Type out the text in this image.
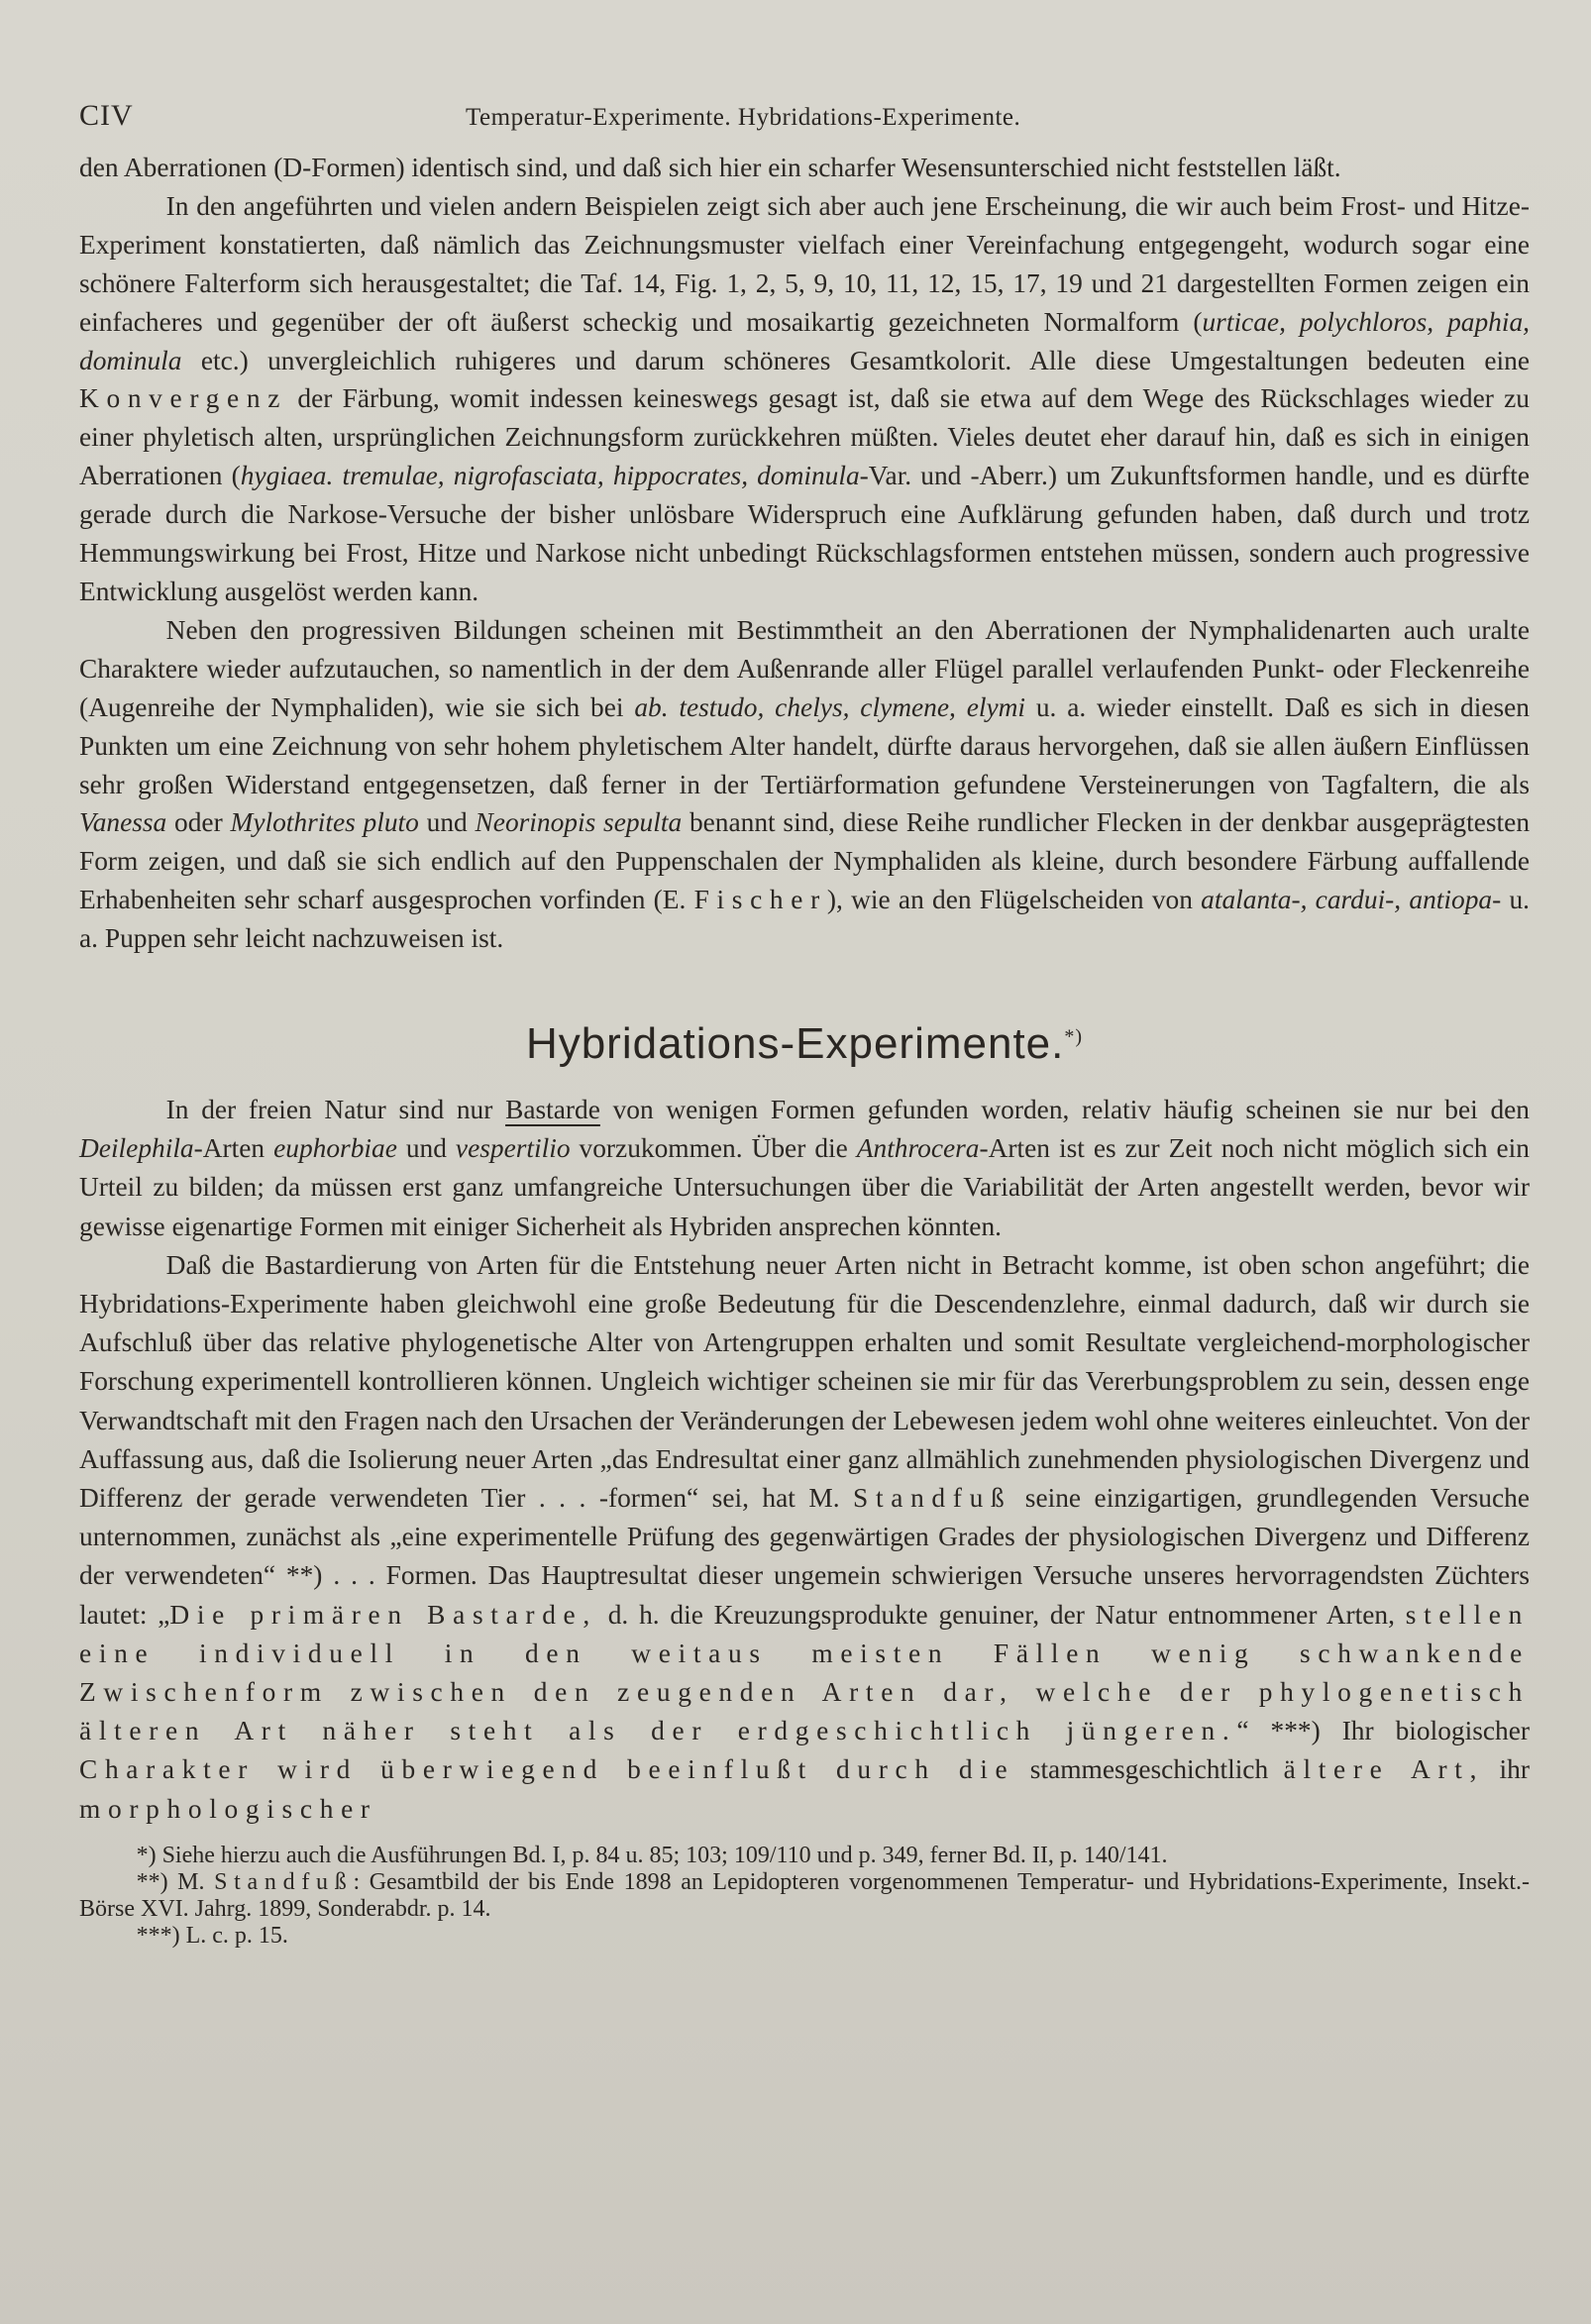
CIV	Temperatur-Experimente. Hybridations-Experimente.

den Aberrationen (D-Formen) identisch sind, und daß sich hier ein scharfer Wesensunterschied nicht feststellen läßt.

In den angeführten und vielen andern Beispielen zeigt sich aber auch jene Erscheinung, die wir auch beim Frost- und Hitze-Experiment konstatierten, daß nämlich das Zeichnungsmuster vielfach einer Vereinfachung entgegengeht, wodurch sogar eine schönere Falterform sich herausgestaltet; die Taf. 14, Fig. 1, 2, 5, 9, 10, 11, 12, 15, 17, 19 und 21 dargestellten Formen zeigen ein einfacheres und gegenüber der oft äußerst scheckig und mosaikartig gezeichneten Normalform (urticae, polychloros, paphia, dominula etc.) unvergleichlich ruhigeres und darum schöneres Gesamtkolorit. Alle diese Umgestaltungen bedeuten eine Konvergenz der Färbung, womit indessen keineswegs gesagt ist, daß sie etwa auf dem Wege des Rückschlages wieder zu einer phyletisch alten, ursprünglichen Zeichnungsform zurückkehren müßten. Vieles deutet eher darauf hin, daß es sich in einigen Aberrationen (hygiaea. tremulae, nigrofasciata, hippocrates, dominula-Var. und -Aberr.) um Zukunftsformen handle, und es dürfte gerade durch die Narkose-Versuche der bisher unlösbare Widerspruch eine Aufklärung gefunden haben, daß durch und trotz Hemmungswirkung bei Frost, Hitze und Narkose nicht unbedingt Rückschlagsformen entstehen müssen, sondern auch progressive Entwicklung ausgelöst werden kann.

Neben den progressiven Bildungen scheinen mit Bestimmtheit an den Aberrationen der Nymphalidenarten auch uralte Charaktere wieder aufzutauchen, so namentlich in der dem Außenrande aller Flügel parallel verlaufenden Punkt- oder Fleckenreihe (Augenreihe der Nymphaliden), wie sie sich bei ab. testudo, chelys, clymene, elymi u. a. wieder einstellt. Daß es sich in diesen Punkten um eine Zeichnung von sehr hohem phyletischem Alter handelt, dürfte daraus hervorgehen, daß sie allen äußern Einflüssen sehr großen Widerstand entgegensetzen, daß ferner in der Tertiärformation gefundene Versteinerungen von Tagfaltern, die als Vanessa oder Mylothrites pluto und Neorinopis sepulta benannt sind, diese Reihe rundlicher Flecken in der denkbar ausgeprägtesten Form zeigen, und daß sie sich endlich auf den Puppenschalen der Nymphaliden als kleine, durch besondere Färbung auffallende Erhabenheiten sehr scharf ausgesprochen vorfinden (E. Fischer), wie an den Flügelscheiden von atalanta-, cardui-, antiopa- u. a. Puppen sehr leicht nachzuweisen ist.

Hybridations-Experimente.*)

In der freien Natur sind nur Bastarde von wenigen Formen gefunden worden, relativ häufig scheinen sie nur bei den Deilephila-Arten euphorbiae und vespertilio vorzukommen. Über die Anthrocera-Arten ist es zur Zeit noch nicht möglich sich ein Urteil zu bilden; da müssen erst ganz umfangreiche Untersuchungen über die Variabilität der Arten angestellt werden, bevor wir gewisse eigenartige Formen mit einiger Sicherheit als Hybriden ansprechen könnten.

Daß die Bastardierung von Arten für die Entstehung neuer Arten nicht in Betracht komme, ist oben schon angeführt; die Hybridations-Experimente haben gleichwohl eine große Bedeutung für die Descendenzlehre, einmal dadurch, daß wir durch sie Aufschluß über das relative phylogenetische Alter von Artengruppen erhalten und somit Resultate vergleichend-morphologischer Forschung experimentell kontrollieren können. Ungleich wichtiger scheinen sie mir für das Vererbungsproblem zu sein, dessen enge Verwandtschaft mit den Fragen nach den Ursachen der Veränderungen der Lebewesen jedem wohl ohne weiteres einleuchtet. Von der Auffassung aus, daß die Isolierung neuer Arten „das Endresultat einer ganz allmählich zunehmenden physiologischen Divergenz und Differenz der gerade verwendeten Tier . . . -formen“ sei, hat M. Standfuß seine einzigartigen, grundlegenden Versuche unternommen, zunächst als „eine experimentelle Prüfung des gegenwärtigen Grades der physiologischen Divergenz und Differenz der verwendeten“ **) . . . Formen. Das Hauptresultat dieser ungemein schwierigen Versuche unseres hervorragendsten Züchters lautet: „Die primären Bastarde, d. h. die Kreuzungsprodukte genuiner, der Natur entnommener Arten, stellen eine individuell in den weitaus meisten Fällen wenig schwankende Zwischenform zwischen den zeugenden Arten dar, welche der phylogenetisch älteren Art näher steht als der erdgeschichtlich jüngeren.“ ***) Ihr biologischer Charakter wird überwiegend beeinflußt durch die stammesgeschichtlich ältere Art, ihr morphologischer

*) Siehe hierzu auch die Ausführungen Bd. I, p. 84 u. 85; 103; 109/110 und p. 349, ferner Bd. II, p. 140/141.

**) M. Standfuß: Gesamtbild der bis Ende 1898 an Lepidopteren vorgenommenen Temperatur- und Hybridations-Experimente, Insekt.-Börse XVI. Jahrg. 1899, Sonderabdr. p. 14.

***) L. c. p. 15.
